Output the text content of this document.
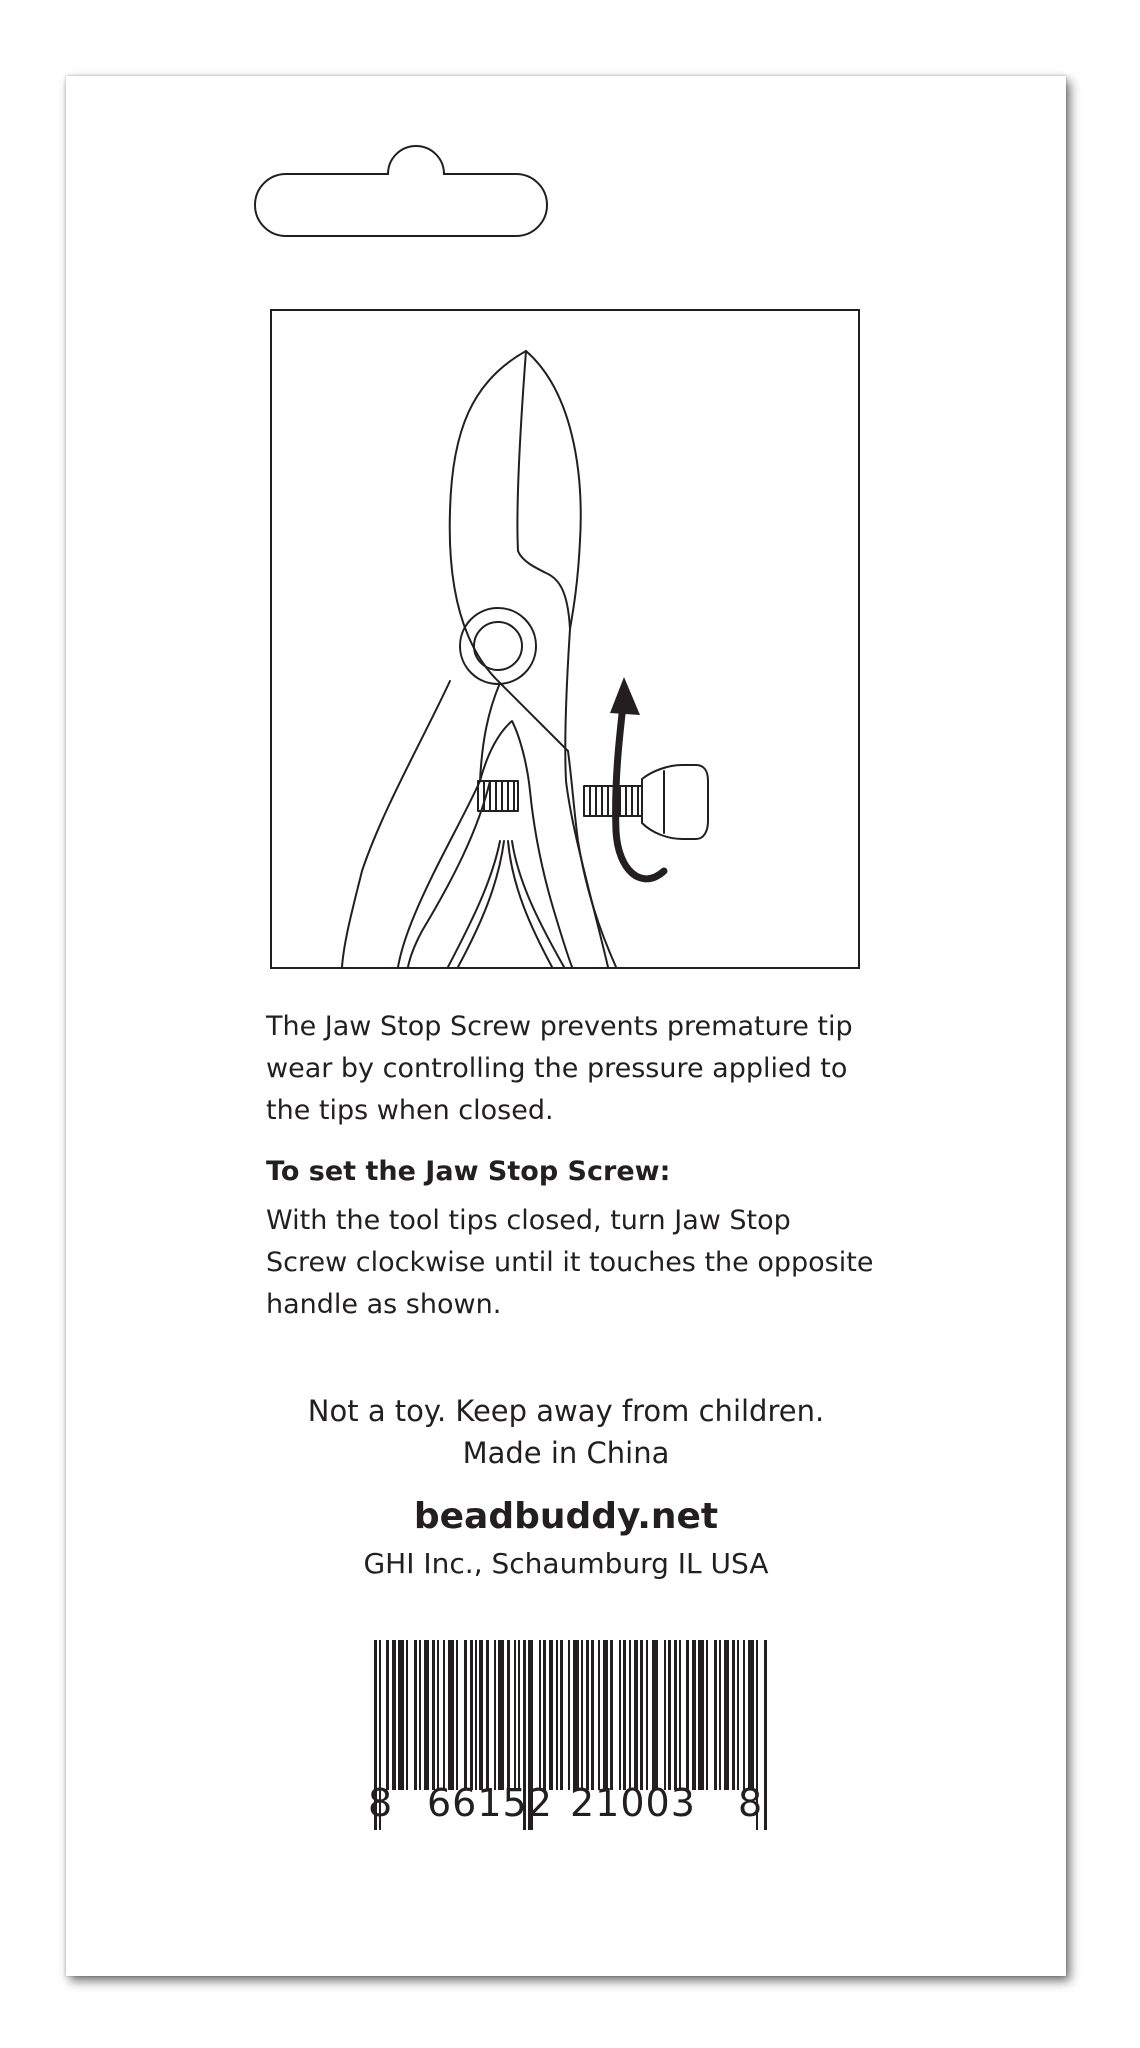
The Jaw Stop Screw prevents premature tip
wear by controlling the pressure applied to
the tips when closed.

To set the Jaw Stop Screw:

With the tool tips closed, turn Jaw Stop
Screw clockwise until it touches the opposite
handle as shown.

Not a toy. Keep away from children.
Made in China
beadbuddy.net
GHI Inc., Schaumburg IL USA
8 66152 21003 8
